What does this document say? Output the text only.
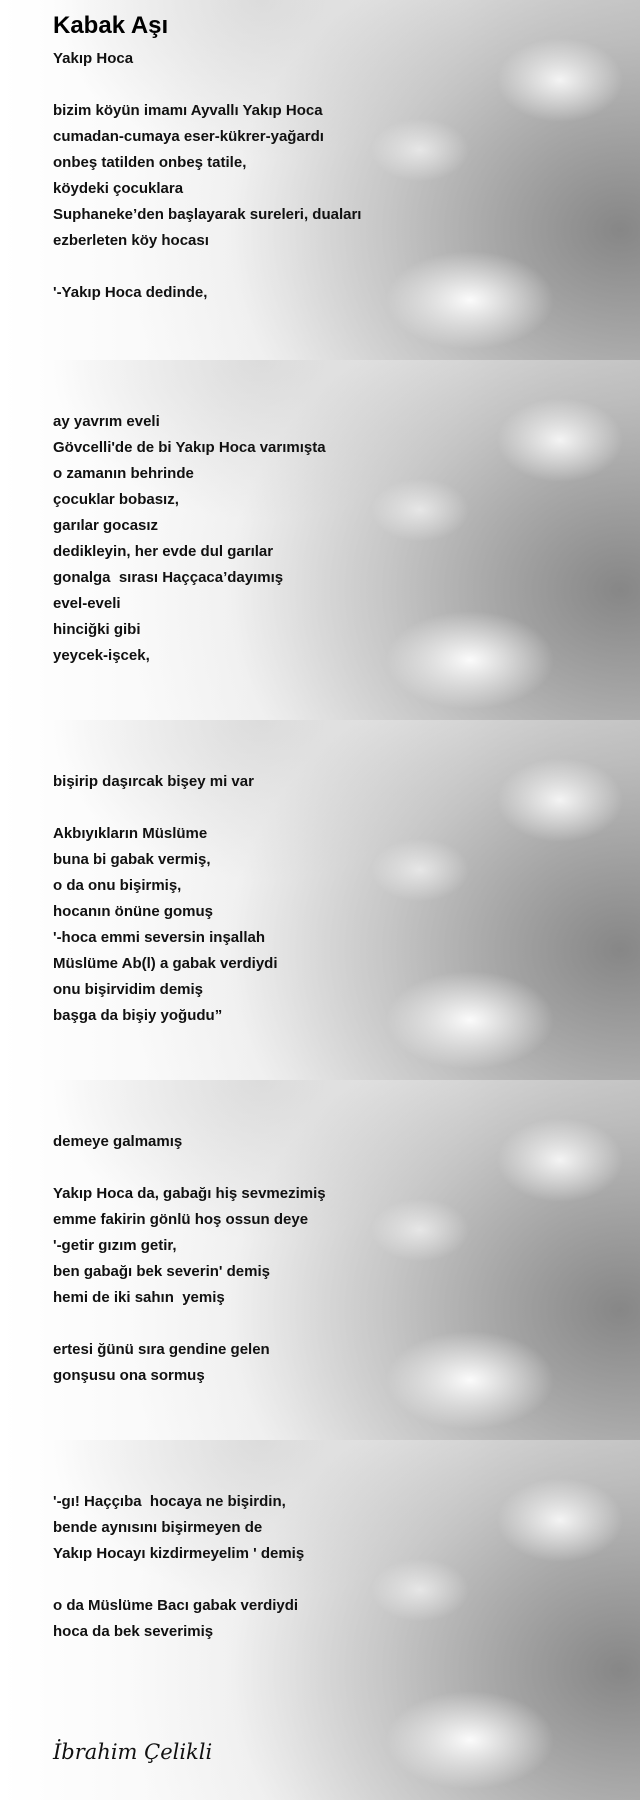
Kabak Aşı
Yakıp Hoca
bizim köyün imamı Ayvallı Yakıp Hoca
cumadan-cumaya eser-kükrer-yağardı
onbeş tatilden onbeş tatile,
köydeki çocuklara
Suphaneke’den başlayarak sureleri, duaları
ezberleten köy hocası
'-Yakıp Hoca dedinde,
ay yavrım eveli
Gövcelli'de de bi Yakıp Hoca varımışta
o zamanın behrinde
çocuklar bobasız,
garılar gocasız
dedikleyin, her evde dul garılar
gonalga  sırası Haççaca’dayımış
evel-eveli
hinciğki gibi
yeycek-işcek,
bişirip daşırcak bişey mi var
Akbıyıkların Müslüme
buna bi gabak vermiş,
o da onu bişirmiş,
hocanın önüne gomuş
'-hoca emmi seversin inşallah
Müslüme Ab(l) a gabak verdiydi
onu bişirvidim demiş
başga da bişiy yoğudu”
demeye galmamış
Yakıp Hoca da, gabağı hiş sevmezimiş
emme fakirin gönlü hoş ossun deye
'-getir gızım getir,
ben gabağı bek severin' demiş
hemi de iki sahın  yemiş
ertesi ğünü sıra gendine gelen
gonşusu ona sormuş
'-gı! Haççıba  hocaya ne bişirdin,
bende aynısını bişirmeyen de
Yakıp Hocayı kizdirmeyelim ' demiş
o da Müslüme Bacı gabak verdiydi
hoca da bek severimiş
İbrahim Çelikli
